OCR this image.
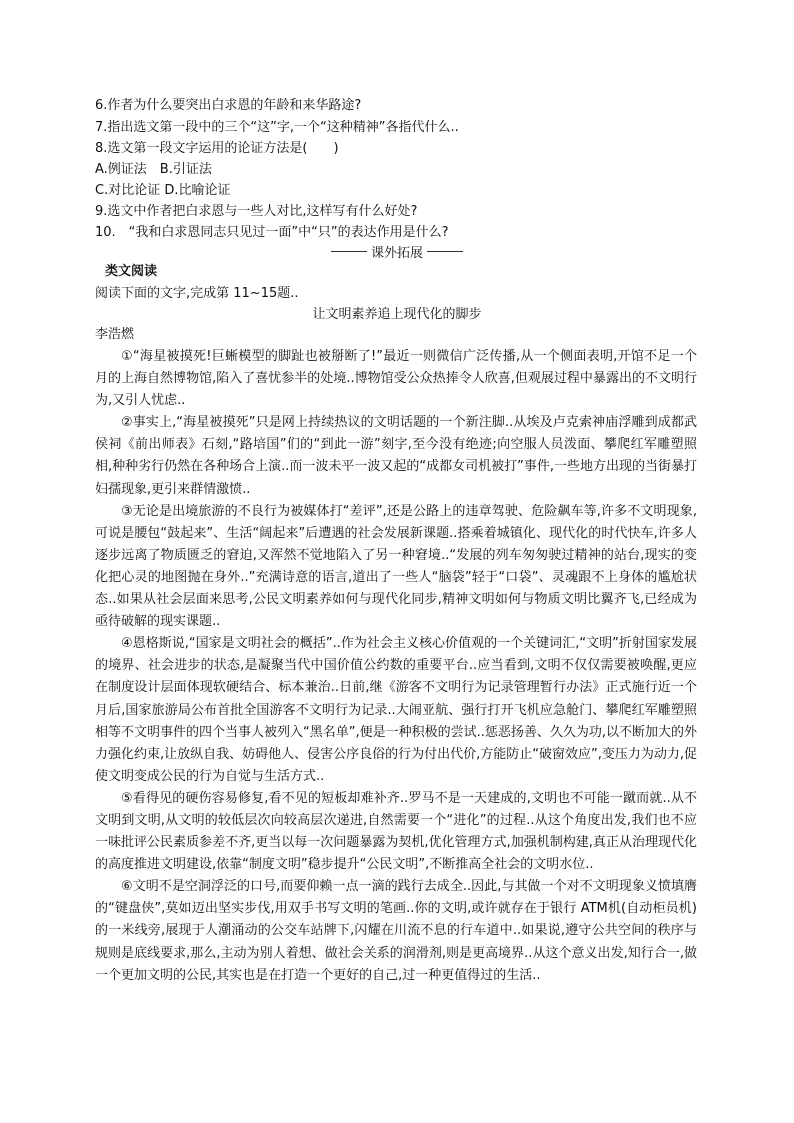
6.作者为什么要突出白求恩的年龄和来华路途?
7.指出选文第一段中的三个“这”字,一个“这种精神”各指代什么..
8.选文第一段文字运用的论证方法是(　　)
A.例证法　B.引证法
C.对比论证 D.比喻论证
9.选文中作者把白求恩与一些人对比,这样写有什么好处?
10.　“我和白求恩同志只见过一面”中“只”的表达作用是什么?
课外拓展
类文阅读
阅读下面的文字,完成第 11~15题..
让文明素养追上现代化的脚步
李浩燃

①“海星被摸死!巨蜥模型的脚趾也被掰断了!”最近一则微信广泛传播,从一个侧面表明,开馆不足一个月的上海自然博物馆,陷入了喜忧参半的处境..博物馆受公众热捧令人欣喜,但观展过程中暴露出的不文明行为,又引人忧虑..

②事实上,“海星被摸死”只是网上持续热议的文明话题的一个新注脚..从埃及卢克索神庙浮雕到成都武侯祠《前出师表》石刻,“路培国”们的“到此一游”刻字,至今没有绝迹;向空服人员泼面、攀爬红军雕塑照相,种种劣行仍然在各种场合上演..而一波未平一波又起的“成都女司机被打”事件,一些地方出现的当街暴打妇孺现象,更引来群情激愤..

③无论是出境旅游的不良行为被媒体打“差评”,还是公路上的违章驾驶、危险飙车等,许多不文明现象,可说是腰包“鼓起来”、生活“阔起来”后遭遇的社会发展新课题..搭乘着城镇化、现代化的时代快车,许多人逐步远离了物质匮乏的窘迫,又浑然不觉地陷入了另一种窘境..“发展的列车匆匆驶过精神的站台,现实的变化把心灵的地图抛在身外..”充满诗意的语言,道出了一些人“脑袋”轻于“口袋”、灵魂跟不上身体的尴尬状态..如果从社会层面来思考,公民文明素养如何与现代化同步,精神文明如何与物质文明比翼齐飞,已经成为亟待破解的现实课题..

④恩格斯说,“国家是文明社会的概括”..作为社会主义核心价值观的一个关键词汇,“文明”折射国家发展的境界、社会进步的状态,是凝聚当代中国价值公约数的重要平台..应当看到,文明不仅仅需要被唤醒,更应在制度设计层面体现软硬结合、标本兼治..日前,继《游客不文明行为记录管理暂行办法》正式施行近一个月后,国家旅游局公布首批全国游客不文明行为记录..大闹亚航、强行打开飞机应急舱门、攀爬红军雕塑照相等不文明事件的四个当事人被列入“黑名单”,便是一种积极的尝试..惩恶扬善、久久为功,以不断加大的外力强化约束,让放纵自我、妨碍他人、侵害公序良俗的行为付出代价,方能防止“破窗效应”,变压力为动力,促使文明变成公民的行为自觉与生活方式..

⑤看得见的硬伤容易修复,看不见的短板却难补齐..罗马不是一天建成的,文明也不可能一蹴而就..从不文明到文明,从文明的较低层次向较高层次递进,自然需要一个“进化”的过程..从这个角度出发,我们也不应一味批评公民素质参差不齐,更当以每一次问题暴露为契机,优化管理方式,加强机制构建,真正从治理现代化的高度推进文明建设,依靠“制度文明”稳步提升“公民文明”,不断推高全社会的文明水位..

⑥文明不是空洞浮泛的口号,而要仰赖一点一滴的践行去成全..因此,与其做一个对不文明现象义愤填膺的“键盘侠”,莫如迈出坚实步伐,用双手书写文明的笔画..你的文明,或许就存在于银行 ATM机(自动柜员机)的一米线旁,展现于人潮涌动的公交车站牌下,闪耀在川流不息的行车道中..如果说,遵守公共空间的秩序与规则是底线要求,那么,主动为别人着想、做社会关系的润滑剂,则是更高境界..从这个意义出发,知行合一,做一个更加文明的公民,其实也是在打造一个更好的自己,过一种更值得过的生活..
